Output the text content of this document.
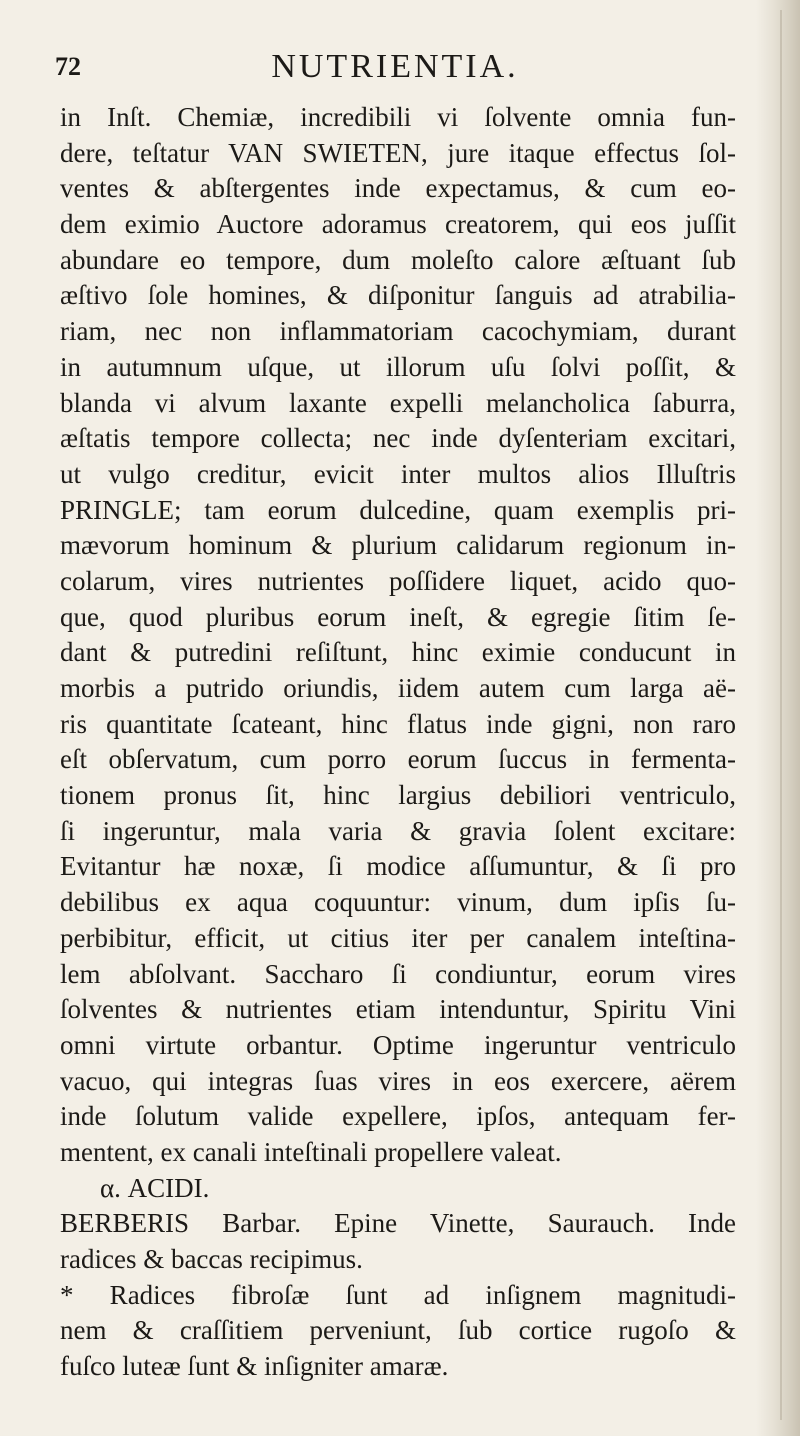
72	NUTRIENTIA.
in Inſt. Chemiæ, incredibili vi ſolvente omnia fun-
dere, teſtatur VAN SWIETEN, jure itaque effectus ſol-
ventes & abſtergentes inde expectamus, & cum eo-
dem eximio Auctore adoramus creatorem, qui eos juſſit
abundare eo tempore, dum moleſto calore æſtuant ſub
æſtivo ſole homines, & diſponitur ſanguis ad atrabilia-
riam, nec non inflammatoriam cacochymiam, durant
in autumnum uſque, ut illorum uſu ſolvi poſſit, &
blanda vi alvum laxante expelli melancholica ſaburra,
æſtatis tempore collecta; nec inde dyſenteriam excitari,
ut vulgo creditur, evicit inter multos alios Illuſtris
PRINGLE; tam eorum dulcedine, quam exemplis pri-
mævorum hominum & plurium calidarum regionum in-
colarum, vires nutrientes poſſidere liquet, acido quo-
que, quod pluribus eorum ineſt, & egregie ſitim ſe-
dant & putredini reſiſtunt, hinc eximie conducunt in
morbis a putrido oriundis, iidem autem cum larga aë-
ris quantitate ſcateant, hinc flatus inde gigni, non raro
eſt obſervatum, cum porro eorum ſuccus in fermenta-
tionem pronus ſit, hinc largius debiliori ventriculo,
ſi ingeruntur, mala varia & gravia ſolent excitare:
Evitantur hæ noxæ, ſi modice aſſumuntur, & ſi pro
debilibus ex aqua coquuntur: vinum, dum ipſis ſu-
perbibitur, efficit, ut citius iter per canalem inteſtina-
lem abſolvant. Saccharo ſi condiuntur, eorum vires
ſolventes & nutrientes etiam intenduntur, Spiritu Vini
omni virtute orbantur. Optime ingeruntur ventriculo
vacuo, qui integras ſuas vires in eos exercere, aërem
inde ſolutum valide expellere, ipſos, antequam fer-
mentent, ex canali inteſtinali propellere valeat.
α. ACIDI.
BERBERIS Barbar. Epine Vinette, Saurauch. Inde
radices & baccas recipimus.
* Radices fibroſæ ſunt ad inſignem magnitudi-
nem & craſſitiem perveniunt, ſub cortice rugoſo &
fuſco luteæ ſunt & inſigniter amaræ.
